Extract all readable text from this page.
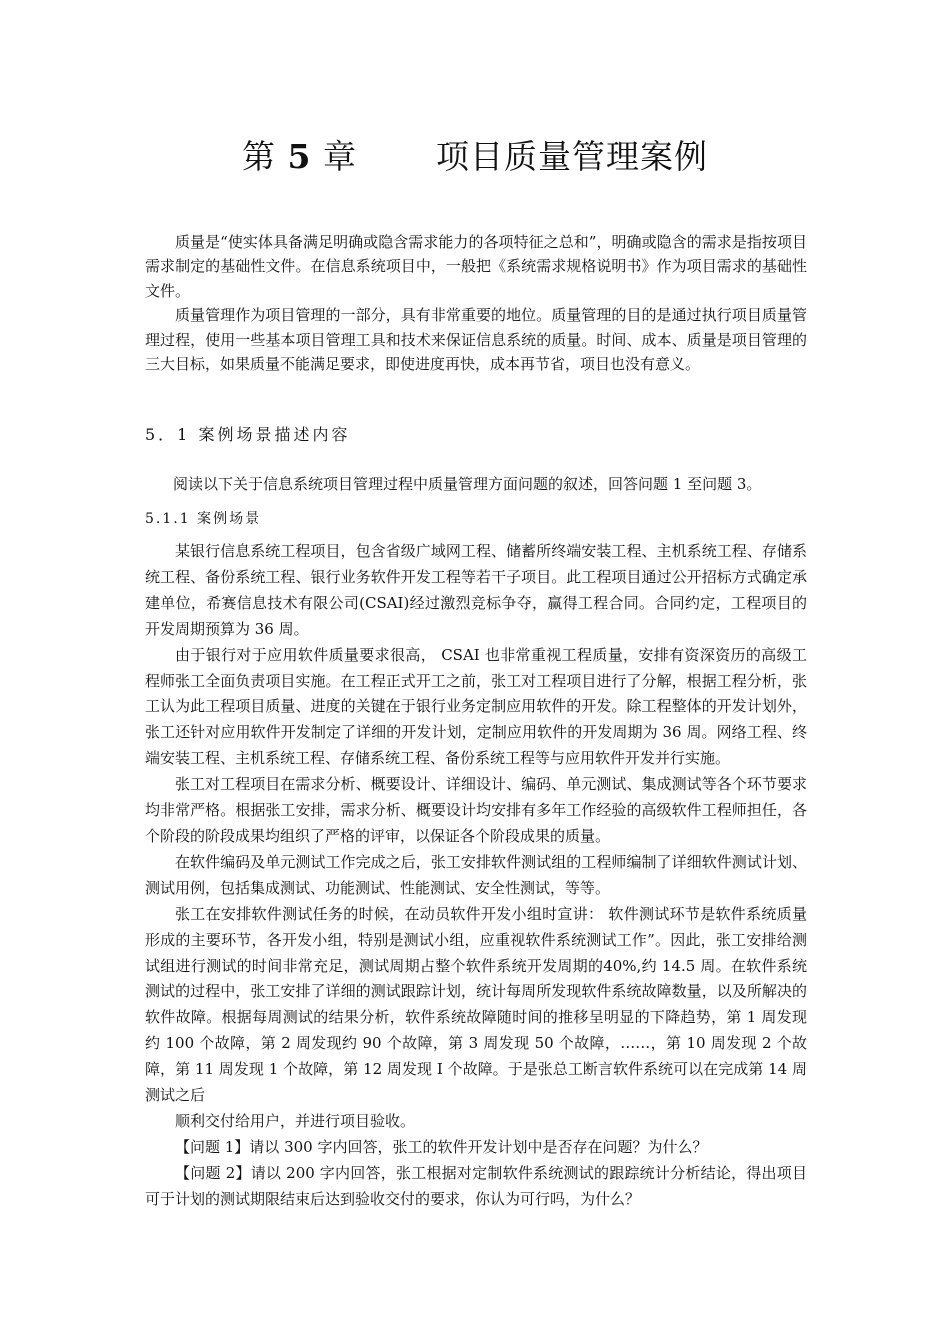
第 5 章 项目质量管理案例

质量是“使实体具备满足明确或隐含需求能力的各项特征之总和”，明确或隐含的需求是指按项目需求制定的基础性文件。在信息系统项目中，一般把《系统需求规格说明书》作为项目需求的基础性文件。

质量管理作为项目管理的一部分，具有非常重要的地位。质量管理的目的是通过执行项目质量管理过程，使用一些基本项目管理工具和技术来保证信息系统的质量。时间、成本、质量是项目管理的三大目标，如果质量不能满足要求，即使进度再快，成本再节省，项目也没有意义。

5．1 案例场景描述内容
阅读以下关于信息系统项目管理过程中质量管理方面问题的叙述，回答问题 1 至问题 3。
5.1.1 案例场景

某银行信息系统工程项目，包含省级广域网工程、储蓄所终端安装工程、主机系统工程、存储系统工程、备份系统工程、银行业务软件开发工程等若干子项目。此工程项目通过公开招标方式确定承建单位，希赛信息技术有限公司(CSAI)经过激烈竞标争夺，赢得工程合同。合同约定，工程项目的开发周期预算为 36 周。

由于银行对于应用软件质量要求很高， CSAI 也非常重视工程质量，安排有资深资历的高级工程师张工全面负责项目实施。在工程正式开工之前，张工对工程项目进行了分解，根据工程分析，张工认为此工程项目质量、进度的关键在于银行业务定制应用软件的开发。除工程整体的开发计划外，张工还针对应用软件开发制定了详细的开发计划，定制应用软件的开发周期为 36 周。网络工程、终端安装工程、主机系统工程、存储系统工程、备份系统工程等与应用软件开发并行实施。

张工对工程项目在需求分析、概要设计、详细设计、编码、单元测试、集成测试等各个环节要求均非常严格。根据张工安排，需求分析、概要设计均安排有多年工作经验的高级软件工程师担任，各个阶段的阶段成果均组织了严格的评审，以保证各个阶段成果的质量。

在软件编码及单元测试工作完成之后，张工安排软件测试组的工程师编制了详细软件测试计划、测试用例，包括集成测试、功能测试、性能测试、安全性测试，等等。

张工在安排软件测试任务的时候，在动员软件开发小组时宣讲： 软件测试环节是软件系统质量形成的主要环节，各开发小组，特别是测试小组，应重视软件系统测试工作”。因此，张工安排给测试组进行测试的时间非常充足，测试周期占整个软件系统开发周期的40%,约 14.5 周。在软件系统测试的过程中，张工安排了详细的测试跟踪计划，统计每周所发现软件系统故障数量，以及所解决的软件故障。根据每周测试的结果分析，软件系统故障随时间的推移呈明显的下降趋势，第 1 周发现约 100 个故障，第 2 周发现约 90 个故障，第 3 周发现 50 个故障，……，第 10 周发现 2 个故障，第 11 周发现 1 个故障，第 12 周发现 I 个故障。于是张总工断言软件系统可以在完成第 14 周测试之后

顺利交付给用户，并进行项目验收。

【问题 1】请以 300 字内回答，张工的软件开发计划中是否存在问题？为什么？

【问题 2】请以 200 字内回答，张工根据对定制软件系统测试的跟踪统计分析结论，得出项目可于计划的测试期限结束后达到验收交付的要求，你认为可行吗，为什么？
